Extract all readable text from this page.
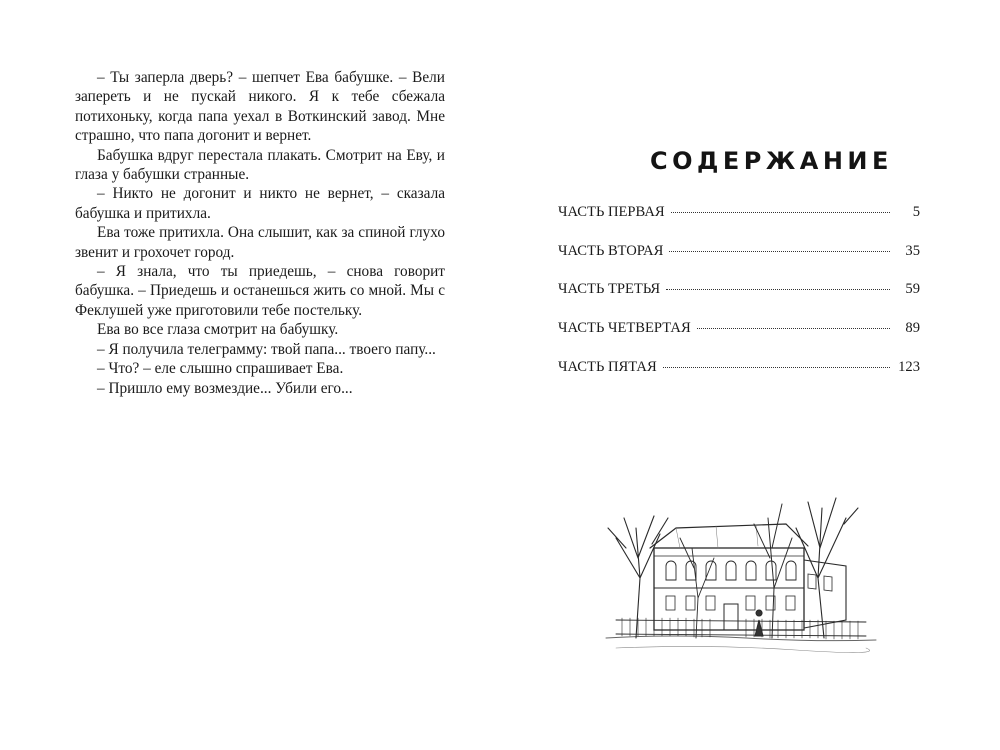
– Ты заперла дверь? – шепчет Ева бабушке. – Вели запереть и не пускай никого. Я к тебе сбежала потихоньку, когда папа уехал в Воткинский завод. Мне страшно, что папа догонит и вернет.

Бабушка вдруг перестала плакать. Смотрит на Еву, и глаза у бабушки странные.

– Никто не догонит и никто не вернет, – сказала бабушка и притихла.

Ева тоже притихла. Она слышит, как за спиной глухо звенит и грохочет город.

– Я знала, что ты приедешь, – снова говорит бабушка. – Приедешь и останешься жить со мной. Мы с Феклушей уже приготовили тебе постельку.

Ева во все глаза смотрит на бабушку.

– Я получила телеграмму: твой папа... твоего папу...

– Что? – еле слышно спрашивает Ева.

– Пришло ему возмездие... Убили его...

СОДЕРЖАНИЕ
ЧАСТЬ ПЕРВАЯ	5
ЧАСТЬ ВТОРАЯ	35
ЧАСТЬ ТРЕТЬЯ	59
ЧАСТЬ ЧЕТВЕРТАЯ	89
ЧАСТЬ ПЯТАЯ	123
